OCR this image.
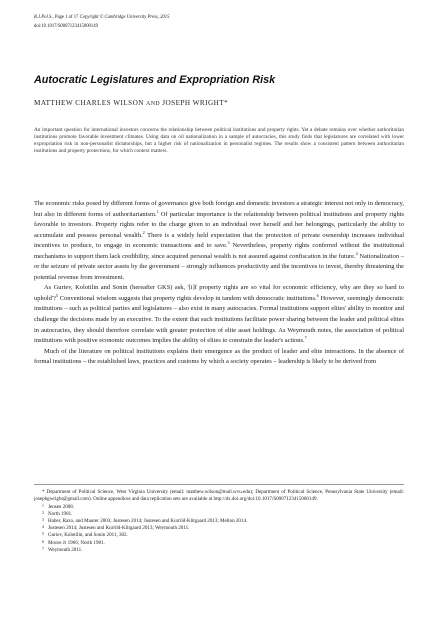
B.J.Pol.S., Page 1 of 17 Copyright © Cambridge University Press, 2015
doi:10.1017/S0007123415000149
Autocratic Legislatures and Expropriation Risk
MATTHEW CHARLES WILSON AND JOSEPH WRIGHT*

An important question for international investors concerns the relationship between political institutions and property rights. Yet a debate remains over whether authoritarian institutions promote favorable investment climates. Using data on oil nationalization in a sample of autocracies, this study finds that legislatures are correlated with lower expropriation risk in non-personalist dictatorships, but a higher risk of nationalization in personalist regimes. The results show a consistent pattern between authoritarian institutions and property protections, for which context matters.

The economic risks posed by different forms of governance give both foreign and domestic investors a strategic interest not only in democracy, but also in different forms of authoritarianism.$^1$ Of particular importance is the relationship between political institutions and property rights favorable to investors. Property rights refer to the charge given to an individual over herself and her belongings, particularly the ability to accumulate and possess personal wealth.$^2$ There is a widely held expectation that the protection of private ownership increases individual incentives to produce, to engage in economic transactions and to save.$^3$ Nevertheless, property rights conferred without the institutional mechanisms to support them lack credibility, since acquired personal wealth is not assured against confiscation in the future.$^4$ Nationalization – or the seizure of private sector assets by the government – strongly influences productivity and the incentives to invest, thereby threatening the potential revenue from investment.

As Guriev, Kolotilin and Sonin (hereafter GKS) ask, '[i]f property rights are so vital for economic efficiency, why are they so hard to uphold'?$^5$ Conventional wisdom suggests that property rights develop in tandem with democratic institutions.$^6$ However, seemingly democratic institutions – such as political parties and legislatures – also exist in many autocracies. Formal institutions support elites' ability to monitor and challenge the decisions made by an executive. To the extent that such institutions facilitate power sharing between the leader and political elites in autocracies, they should therefore correlate with greater protection of elite asset holdings. As Weymouth notes, the association of political institutions with positive economic outcomes implies the ability of elites to constrain the leader's actions.$^7$

Much of the literature on political institutions explains their emergence as the product of leader and elite interactions. In the absence of formal institutions – the established laws, practices and customs by which a society operates – leadership is likely to be derived from

* Department of Political Science, West Virginia University (email: matthew.wilson@mail.wvu.edu); Department of Political Science, Pennsylvania State University (email: josephgwright@gmail.com). Online appendices and data replication sets are available at http://dx.doi.org/doi:10.1017/S0007123415000149.

1 Jensen 2008.
2 North 1981.
3 Haber, Razo, and Maurer 2003; Justesen 2014; Justesen and Kurrild-Klitgaard 2013; Melton 2014.
4 Justesen 2014; Justesen and Kurrild-Klitgaard 2013; Weymouth 2011.
5 Guriev, Kolotilin, and Sonin 2011, 302.
6 Moore Jr 1966; North 1981.
7 Weymouth 2011.
